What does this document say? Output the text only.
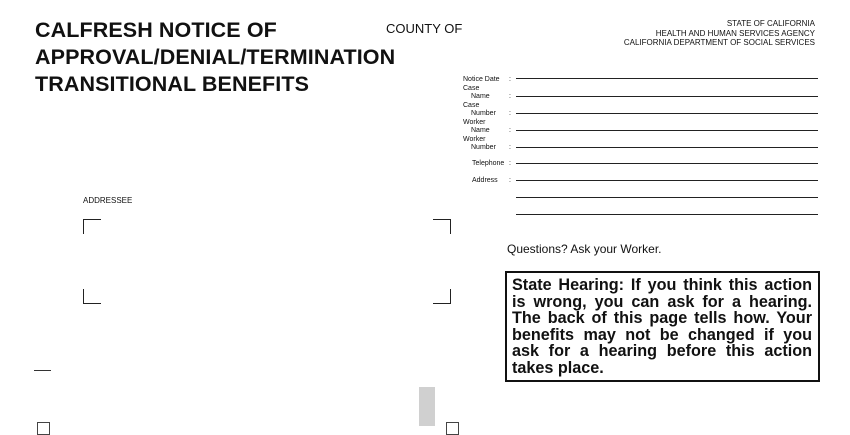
CALFRESH NOTICE OF
APPROVAL/DENIAL/TERMINATION
TRANSITIONAL BENEFITS
COUNTY OF	STATE OF CALIFORNIA
HEALTH AND HUMAN SERVICES AGENCY
CALIFORNIA DEPARTMENT OF SOCIAL SERVICES
Notice Date :
Case
Name	:
Case
Number :
Worker
Name	:
Worker
Number :
Telephone :
Address :
ADDRESSEE
Questions? Ask your Worker.
State Hearing: If you think this action is wrong, you can ask for a hearing. The back of this page tells how. Your benefits may not be changed if you ask for a hearing before this action takes place.
